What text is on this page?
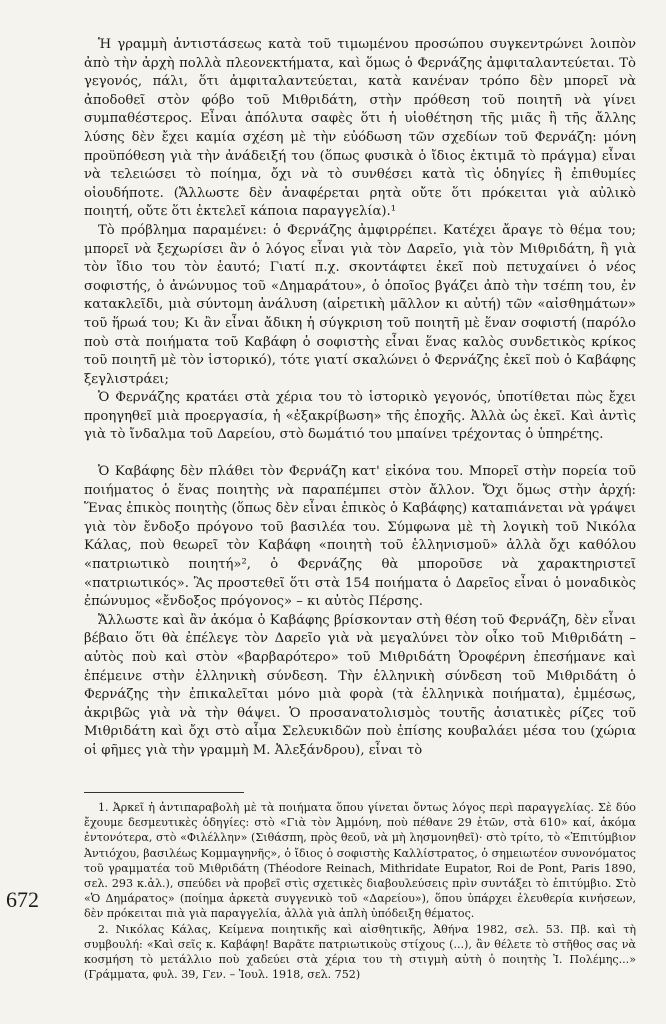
Ἡ γραμμὴ ἀντιστάσεως κατὰ τοῦ τιμωμένου προσώπου συγκεντρώνει λοιπὸν ἀπὸ τὴν ἀρχὴ πολλὰ πλεονεκτήματα, καὶ ὅμως ὁ Φερνάζης ἀμφιταλαντεύεται. Τὸ γεγονός, πάλι, ὅτι ἀμφιταλαντεύεται, κατὰ κανέναν τρόπο δὲν μπορεῖ νὰ ἀποδοθεῖ στὸν φόβο τοῦ Μιθριδάτη, στὴν πρόθεση τοῦ ποιητῆ νὰ γίνει συμπαθέστερος. Εἶναι ἀπόλυτα σαφὲς ὅτι ἡ υἱοθέτηση τῆς μιᾶς ἢ τῆς ἄλλης λύσης δὲν ἔχει καμία σχέση μὲ τὴν εὐόδωση τῶν σχεδίων τοῦ Φερνάζη: μόνη προϋπόθεση γιὰ τὴν ἀνάδειξή του (ὅπως φυσικὰ ὁ ἴδιος ἐκτιμᾶ τὸ πράγμα) εἶναι νὰ τελειώσει τὸ ποίημα, ὄχι νὰ τὸ συνθέσει κατὰ τὶς ὁδηγίες ἢ ἐπιθυμίες οἱουδήποτε. (Ἄλλωστε δὲν ἀναφέρεται ρητὰ οὔτε ὅτι πρόκειται γιὰ αὐλικὸ ποιητή, οὔτε ὅτι ἐκτελεῖ κάποια παραγγελία).¹

Τὸ πρόβλημα παραμένει: ὁ Φερνάζης ἀμφιρρέπει. Κατέχει ἄραγε τὸ θέμα του; μπορεῖ νὰ ξεχωρίσει ἂν ὁ λόγος εἶναι γιὰ τὸν Δαρεῖο, γιὰ τὸν Μιθριδάτη, ἢ γιὰ τὸν ἴδιο του τὸν ἑαυτό; Γιατί π.χ. σκοντάφτει ἐκεῖ ποὺ πετυχαίνει ὁ νέος σοφιστής, ὁ ἀνώνυμος τοῦ «Δημαράτου», ὁ ὁποῖος βγάζει ἀπὸ τὴν τσέπη του, ἐν κατακλεῖδι, μιὰ σύντομη ἀνάλυση (αἱρετικὴ μᾶλλον κι αὐτή) τῶν «αἰσθημάτων» τοῦ ἥρωά του; Κι ἂν εἶναι ἄδικη ἡ σύγκριση τοῦ ποιητῆ μὲ ἕναν σοφιστή (παρόλο ποὺ στὰ ποιήματα τοῦ Καβάφη ὁ σοφιστὴς εἶναι ἕνας καλὸς συνδετικὸς κρίκος τοῦ ποιητῆ μὲ τὸν ἱστορικό), τότε γιατί σκαλώνει ὁ Φερνάζης ἐκεῖ ποὺ ὁ Καβάφης ξεγλιστράει;

Ὁ Φερνάζης κρατάει στὰ χέρια του τὸ ἱστορικὸ γεγονός, ὑποτίθεται πὼς ἔχει προηγηθεῖ μιὰ προεργασία, ἡ «ἐξακρίβωση» τῆς ἐποχῆς. Ἀλλὰ ὡς ἐκεῖ. Καὶ ἀντὶς γιὰ τὸ ἴνδαλμα τοῦ Δαρείου, στὸ δωμάτιό του μπαίνει τρέχοντας ὁ ὑπηρέτης.

Ὁ Καβάφης δὲν πλάθει τὸν Φερνάζη κατ' εἰκόνα του. Μπορεῖ στὴν πορεία τοῦ ποιήματος ὁ ἕνας ποιητὴς νὰ παραπέμπει στὸν ἄλλον. Ὄχι ὅμως στὴν ἀρχή: Ἕνας ἐπικὸς ποιητὴς (ὅπως δὲν εἶναι ἐπικὸς ὁ Καβάφης) καταπιάνεται νὰ γράψει γιὰ τὸν ἔνδοξο πρόγονο τοῦ βασιλέα του. Σύμφωνα μὲ τὴ λογικὴ τοῦ Νικόλα Κάλας, ποὺ θεωρεῖ τὸν Καβάφη «ποιητὴ τοῦ ἑλληνισμοῦ» ἀλλὰ ὄχι καθόλου «πατριωτικὸ ποιητή»², ὁ Φερνάζης θὰ μποροῦσε νὰ χαρακτηριστεῖ «πατριωτικός». Ἂς προστεθεῖ ὅτι στὰ 154 ποιήματα ὁ Δαρεῖος εἶναι ὁ μοναδικὸς ἐπώνυμος «ἔνδοξος πρόγονος» – κι αὐτὸς Πέρσης.

Ἄλλωστε καὶ ἂν ἀκόμα ὁ Καβάφης βρίσκονταν στὴ θέση τοῦ Φερνάζη, δὲν εἶναι βέβαιο ὅτι θὰ ἐπέλεγε τὸν Δαρεῖο γιὰ νὰ μεγαλύνει τὸν οἶκο τοῦ Μιθριδάτη –αὐτὸς ποὺ καὶ στὸν «βαρβαρότερο» τοῦ Μιθριδάτη Ὀροφέρνη ἐπεσήμανε καὶ ἐπέμεινε στὴν ἑλληνικὴ σύνδεση. Τὴν ἑλληνικὴ σύνδεση τοῦ Μιθριδάτη ὁ Φερνάζης τὴν ἐπικαλεῖται μόνο μιὰ φορὰ (τὰ ἑλληνικὰ ποιήματα), ἐμμέσως, ἀκριβῶς γιὰ νὰ τὴν θάψει. Ὁ προσανατολισμὸς τουτῆς ἀσιατικὲς ρίζες τοῦ Μιθριδάτη καὶ ὄχι στὸ αἷμα Σελευκιδῶν ποὺ ἐπίσης κουβαλάει μέσα του (χώρια οἱ φῆμες γιὰ τὴν γραμμὴ Μ. Ἀλεξάνδρου), εἶναι τὸ

1. Ἀρκεῖ ἡ ἀντιπαραβολὴ μὲ τὰ ποιήματα ὅπου γίνεται ὄντως λόγος περὶ παραγγελίας. Σὲ δύο ἔχουμε δεσμευτικὲς ὁδηγίες: στὸ «Γιὰ τὸν Ἀμμόνη, ποὺ πέθανε 29 ἐτῶν, στὰ 610» καί, ἀκόμα ἐντονότερα, στὸ «Φιλέλλην» (Σιθάσπη, πρὸς θεοῦ, νὰ μὴ λησμονηθεῖ)· στὸ τρίτο, τὸ «Ἐπιτύμβιον Ἀντιόχου, βασιλέως Κομμαγηνῆς», ὁ ἴδιος ὁ σοφιστὴς Καλλίστρατος, ὁ σημειωτέον συνονόματος τοῦ γραμματέα τοῦ Μιθριδάτη (Théodore Reinach, Mithridate Eupator, Roi de Pont, Paris 1890, σελ. 293 κ.ἀλ.), σπεύδει νὰ προβεῖ στὶς σχετικὲς διαβουλεύσεις πρὶν συντάξει τὸ ἐπιτύμβιο. Στὸ «Ὁ Δημάρατος» (ποίημα ἀρκετὰ συγγενικὸ τοῦ «Δαρείου»), ὅπου ὑπάρχει ἐλευθερία κινήσεων, δὲν πρόκειται πιὰ γιὰ παραγγελία, ἀλλὰ γιὰ ἁπλὴ ὑπόδειξη θέματος.

2. Νικόλας Κάλας, Κείμενα ποιητικῆς καὶ αἰσθητικῆς, Ἀθήνα 1982, σελ. 53. Πβ. καὶ τὴ συμβουλή: «Καὶ σεῖς κ. Καβάφη! Βαρᾶτε πατριωτικοὺς στίχους (...), ἂν θέλετε τὸ στῆθος σας νὰ κοσμήση τὸ μετάλλιο ποὺ χαδεύει στὰ χέρια του τὴ στιγμὴ αὐτὴ ὁ ποιητὴς Ἰ. Πολέμης...» (Γράμματα, φυλ. 39, Γεν. – Ἰουλ. 1918, σελ. 752)

672
